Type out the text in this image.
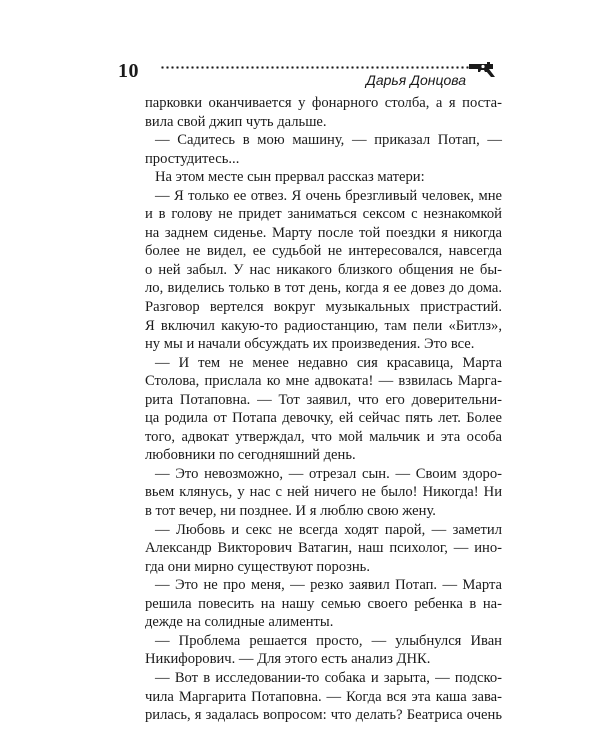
10	Дарья Донцова
парковки оканчивается у фонарного столба, а я поста-
вила свой джип чуть дальше.
— Садитесь в мою машину, — приказал Потап, —
простудитесь...
На этом месте сын прервал рассказ матери:
— Я только ее отвез. Я очень брезгливый человек, мне
и в голову не придет заниматься сексом с незнакомкой
на заднем сиденье. Марту после той поездки я никогда
более не видел, ее судьбой не интересовался, навсегда
о ней забыл. У нас никакого близкого общения не бы-
ло, виделись только в тот день, когда я ее довез до дома.
Разговор вертелся вокруг музыкальных пристрастий.
Я включил какую-то радиостанцию, там пели «Битлз»,
ну мы и начали обсуждать их произведения. Это все.
— И тем не менее недавно сия красавица, Марта
Столова, прислала ко мне адвоката! — взвилась Марга-
рита Потаповна. — Тот заявил, что его доверительни-
ца родила от Потапа девочку, ей сейчас пять лет. Более
того, адвокат утверждал, что мой мальчик и эта особа
любовники по сегодняшний день.
— Это невозможно, — отрезал сын. — Своим здоро-
вьем клянусь, у нас с ней ничего не было! Никогда! Ни
в тот вечер, ни позднее. И я люблю свою жену.
— Любовь и секс не всегда ходят парой, — заметил
Александр Викторович Ватагин, наш психолог, — ино-
гда они мирно существуют порознь.
— Это не про меня, — резко заявил Потап. — Марта
решила повесить на нашу семью своего ребенка в на-
дежде на солидные алименты.
— Проблема решается просто, — улыбнулся Иван
Никифорович. — Для этого есть анализ ДНК.
— Вот в исследовании-то собака и зарыта, — подско-
чила Маргарита Потаповна. — Когда вся эта каша зава-
рилась, я задалась вопросом: что делать? Беатриса очень
